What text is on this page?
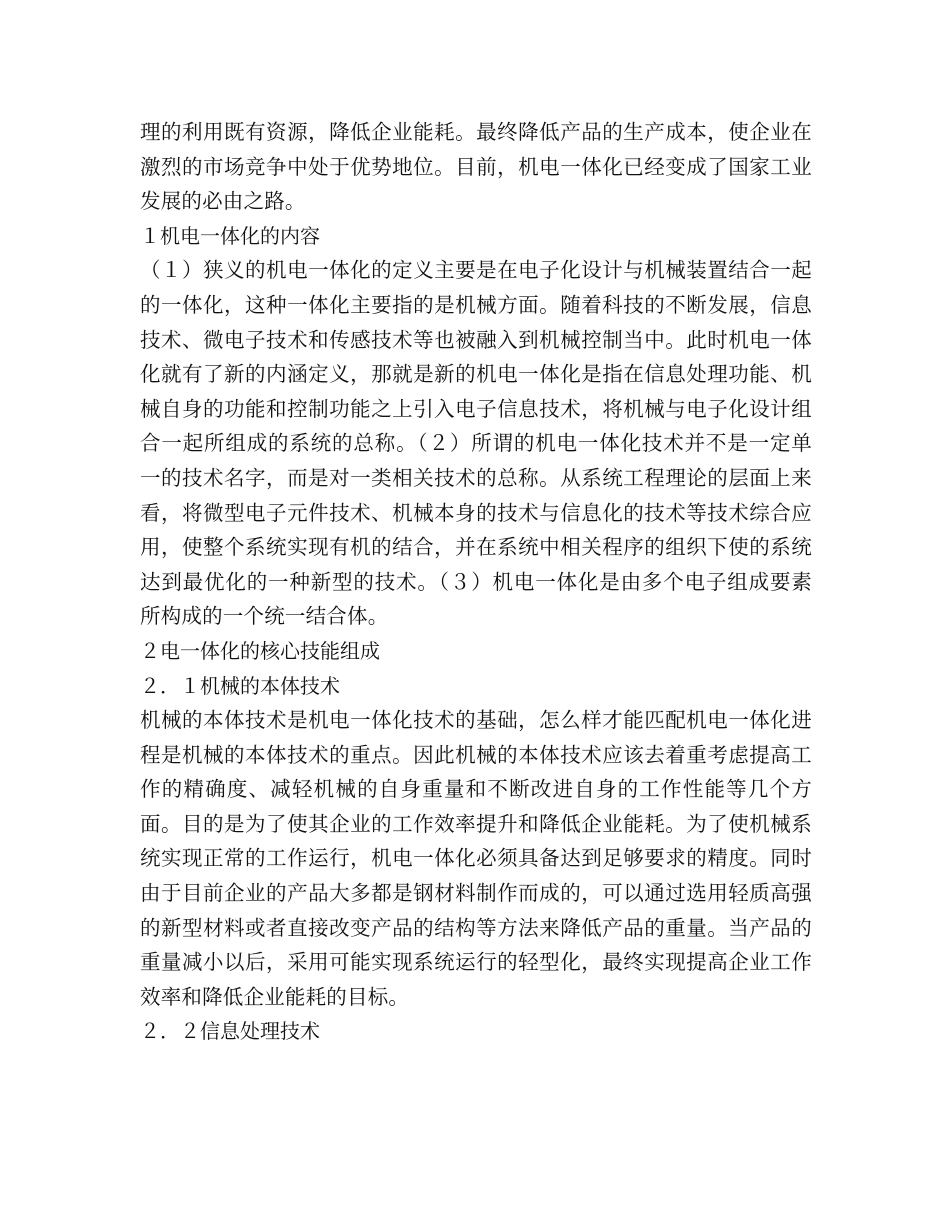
理的利用既有资源，降低企业能耗。最终降低产品的生产成本，使企业在激烈的市场竞争中处于优势地位。目前，机电一体化已经变成了国家工业发展的必由之路。

１机电一体化的内容

（１）狭义的机电一体化的定义主要是在电子化设计与机械装置结合一起的一体化，这种一体化主要指的是机械方面。随着科技的不断发展，信息技术、微电子技术和传感技术等也被融入到机械控制当中。此时机电一体化就有了新的内涵定义，那就是新的机电一体化是指在信息处理功能、机械自身的功能和控制功能之上引入电子信息技术，将机械与电子化设计组合一起所组成的系统的总称。（２）所谓的机电一体化技术并不是一定单一的技术名字，而是对一类相关技术的总称。从系统工程理论的层面上来看，将微型电子元件技术、机械本身的技术与信息化的技术等技术综合应用，使整个系统实现有机的结合，并在系统中相关程序的组织下使的系统达到最优化的一种新型的技术。（３）机电一体化是由多个电子组成要素所构成的一个统一结合体。

２电一体化的核心技能组成

２．１机械的本体技术

机械的本体技术是机电一体化技术的基础，怎么样才能匹配机电一体化进程是机械的本体技术的重点。因此机械的本体技术应该去着重考虑提高工作的精确度、减轻机械的自身重量和不断改进自身的工作性能等几个方面。目的是为了使其企业的工作效率提升和降低企业能耗。为了使机械系统实现正常的工作运行，机电一体化必须具备达到足够要求的精度。同时由于目前企业的产品大多都是钢材料制作而成的，可以通过选用轻质高强的新型材料或者直接改变产品的结构等方法来降低产品的重量。当产品的重量减小以后，采用可能实现系统运行的轻型化，最终实现提高企业工作效率和降低企业能耗的目标。

２．２信息处理技术
